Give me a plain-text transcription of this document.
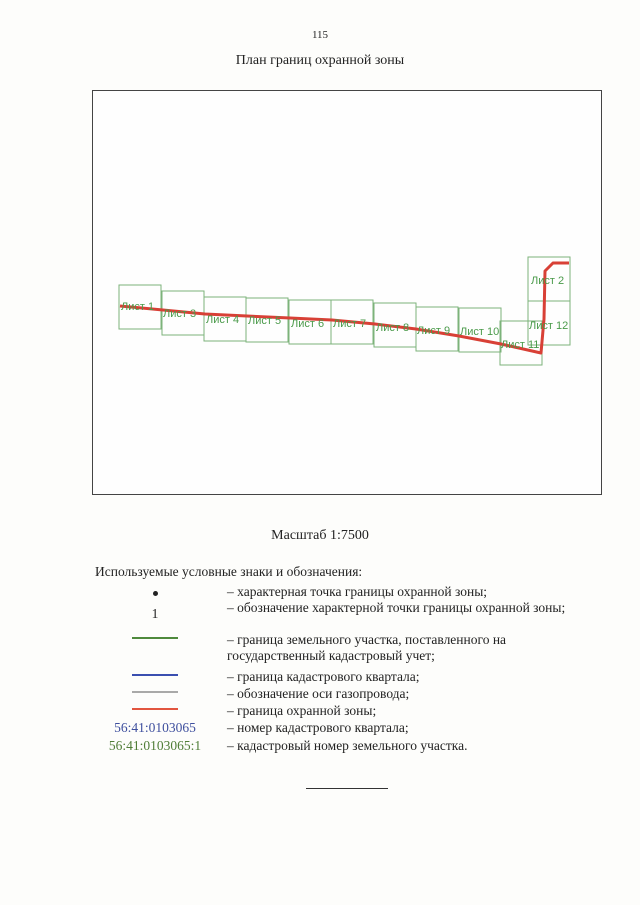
115
План границ охранной зоны
Лист 1
Лист 3 Лист 4 Лист 5 Лист 6 Лист 7 Лист 8 Лист 9 Лист 10
Лист 11
Лист 2
Лист 12
Масштаб 1:7500
Используемые условные знаки и обозначения:
– характерная точка границы охранной зоны;
1	– обозначение характерной точки границы охранной зоны;
– граница земельного участка, поставленного на государственный кадастровый учет;
– граница кадастрового квартала;
– обозначение оси газопровода;
– граница охранной зоны;
56:41:0103065	– номер кадастрового квартала;
56:41:0103065:1	– кадастровый номер земельного участка.
